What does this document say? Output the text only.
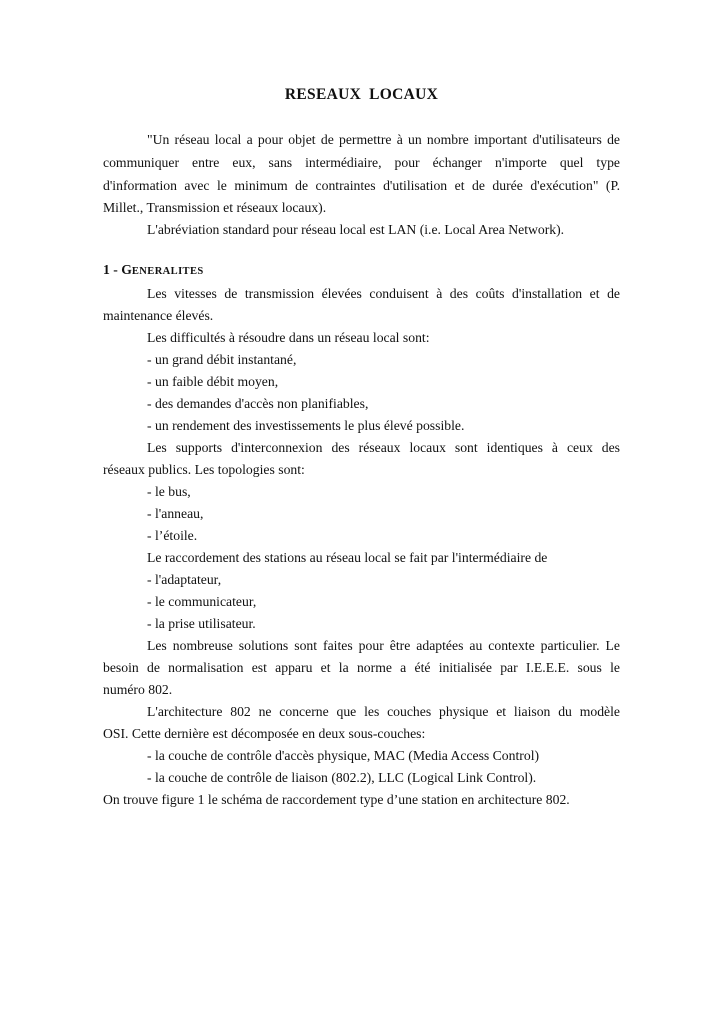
RESEAUX LOCAUX

"Un réseau local a pour objet de permettre à un nombre important d'utilisateurs de

communiquer entre eux, sans intermédiaire, pour échanger n'importe quel type

d'information avec le minimum de contraintes d'utilisation et de durée d'exécution" (P.

Millet., Transmission et réseaux locaux).

L'abréviation standard pour réseau local est LAN (i.e. Local Area Network).

1 - GENERALITES

Les vitesses de transmission élevées conduisent à des coûts d'installation et de

maintenance élevés.

Les difficultés à résoudre dans un réseau local sont:

- un grand débit instantané,

- un faible débit moyen,

- des demandes d'accès non planifiables,

- un rendement des investissements le plus élevé possible.

Les supports d'interconnexion des réseaux locaux sont identiques à ceux des

réseaux publics. Les topologies sont:

- le bus,

- l'anneau,

- l’étoile.

Le raccordement des stations au réseau local se fait par l'intermédiaire de

- l'adaptateur,

- le communicateur,

- la prise utilisateur.

Les nombreuse solutions sont faites pour être adaptées au contexte particulier. Le

besoin de normalisation est apparu et la norme a été initialisée par I.E.E.E. sous le

numéro 802.

L'architecture 802 ne concerne que les couches physique et liaison du modèle

OSI. Cette dernière est décomposée en deux sous-couches:

- la couche de contrôle d'accès physique, MAC (Media Access Control)

- la couche de contrôle de liaison (802.2), LLC (Logical Link Control).

On trouve figure 1 le schéma de raccordement type d’une station en architecture 802.
